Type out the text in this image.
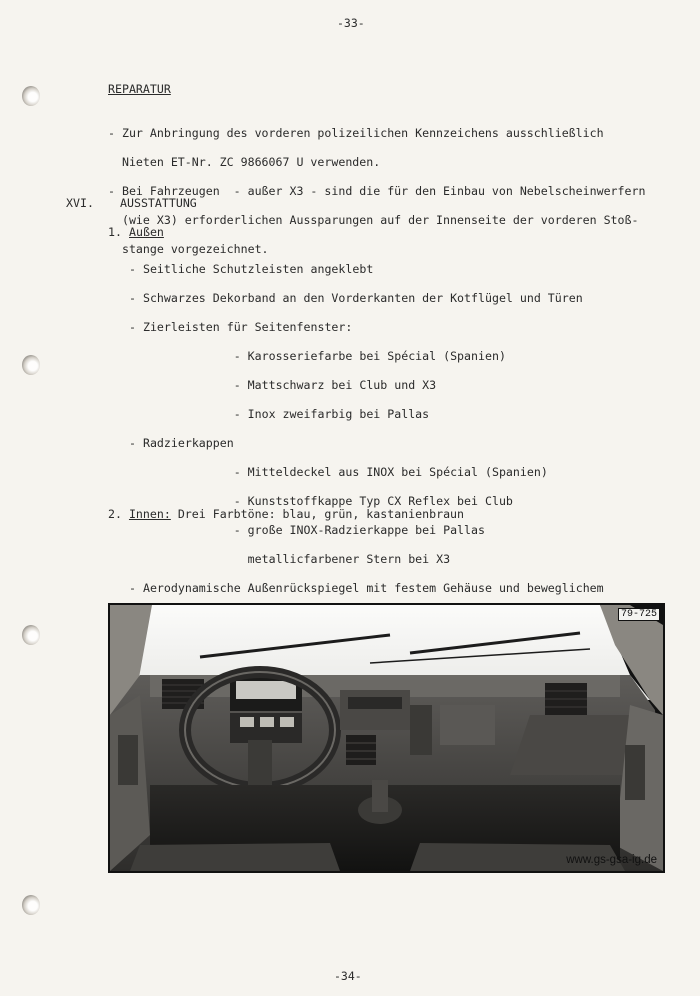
-33-
REPARATUR

- Zur Anbringung des vorderen polizeilichen Kennzeichens ausschließlich

Nieten ET-Nr. ZC 9866067 U verwenden.

- Bei Fahrzeugen  - außer X3 - sind die für den Einbau von Nebelscheinwerfern

(wie X3) erforderlichen Aussparungen auf der Innenseite der vorderen Stoß-

stange vorgezeichnet.

XVI. AUSSTATTUNG
1. Außen

- Seitliche Schutzleisten angeklebt

- Schwarzes Dekorband an den Vorderkanten der Kotflügel und Türen

- Zierleisten für Seitenfenster:

- Karosseriefarbe bei Spécial (Spanien)

- Mattschwarz bei Club und X3

- Inox zweifarbig bei Pallas

- Radzierkappen

- Mitteldeckel aus INOX bei Spécial (Spanien)

- Kunststoffkappe Typ CX Reflex bei Club

- große INOX-Radzierkappe bei Pallas

metallicfarbener Stern bei X3

- Aerodynamische Außenrückspiegel mit festem Gehäuse und beweglichem

2. Innen: Drei Farbtöne: blau, grün, kastanienbraun
79-725
www.gs-gsa-ig.de
-34-
